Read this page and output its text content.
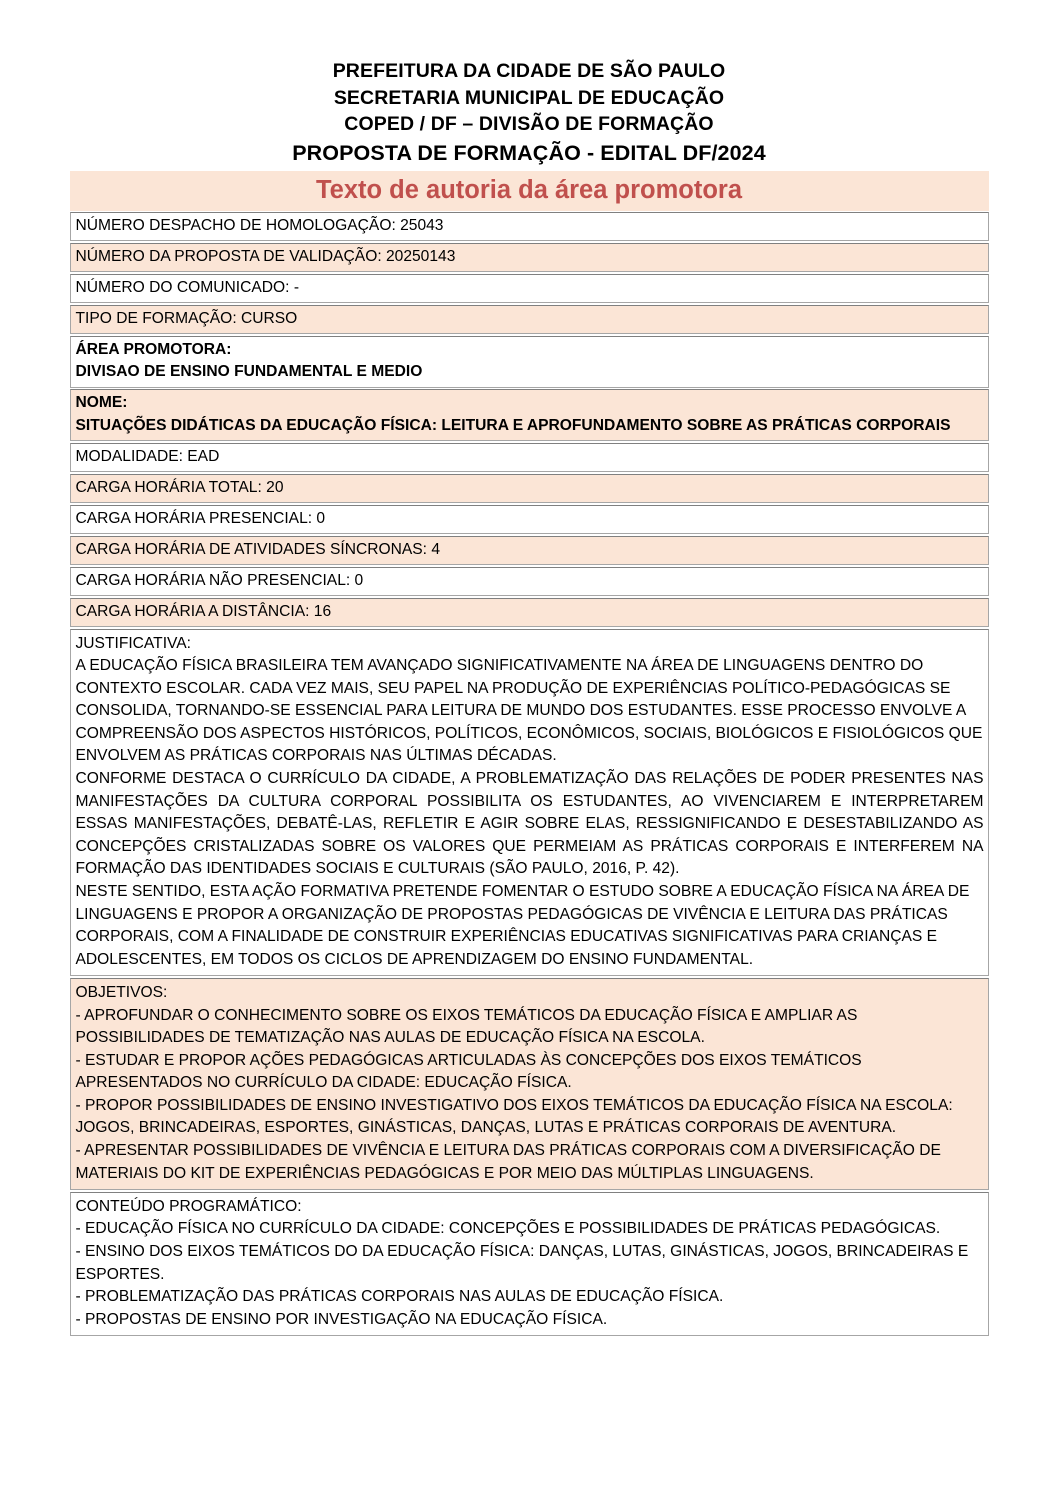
PREFEITURA DA CIDADE DE SÃO PAULO
SECRETARIA MUNICIPAL DE EDUCAÇÃO
COPED / DF – DIVISÃO DE FORMAÇÃO
PROPOSTA DE FORMAÇÃO - EDITAL DF/2024
Texto de autoria da área promotora
NÚMERO DESPACHO DE HOMOLOGAÇÃO: 25043
NÚMERO DA PROPOSTA DE VALIDAÇÃO: 20250143
NÚMERO DO COMUNICADO: -
TIPO DE FORMAÇÃO: CURSO
ÁREA PROMOTORA:
DIVISAO DE ENSINO FUNDAMENTAL E MEDIO
NOME:
SITUAÇÕES DIDÁTICAS DA EDUCAÇÃO FÍSICA: LEITURA E APROFUNDAMENTO SOBRE AS PRÁTICAS CORPORAIS
MODALIDADE: EAD
CARGA HORÁRIA TOTAL: 20
CARGA HORÁRIA PRESENCIAL: 0
CARGA HORÁRIA DE ATIVIDADES SÍNCRONAS: 4
CARGA HORÁRIA NÃO PRESENCIAL: 0
CARGA HORÁRIA A DISTÂNCIA: 16
JUSTIFICATIVA:
A EDUCAÇÃO FÍSICA BRASILEIRA TEM AVANÇADO SIGNIFICATIVAMENTE NA ÁREA DE LINGUAGENS DENTRO DO CONTEXTO ESCOLAR. CADA VEZ MAIS, SEU PAPEL NA PRODUÇÃO DE EXPERIÊNCIAS POLÍTICO-PEDAGÓGICAS SE CONSOLIDA, TORNANDO-SE ESSENCIAL PARA LEITURA DE MUNDO DOS ESTUDANTES. ESSE PROCESSO ENVOLVE A COMPREENSÃO DOS ASPECTOS HISTÓRICOS, POLÍTICOS, ECONÔMICOS, SOCIAIS, BIOLÓGICOS E FISIOLÓGICOS QUE ENVOLVEM AS PRÁTICAS CORPORAIS NAS ÚLTIMAS DÉCADAS.
CONFORME DESTACA O CURRÍCULO DA CIDADE, A PROBLEMATIZAÇÃO DAS RELAÇÕES DE PODER PRESENTES NAS MANIFESTAÇÕES DA CULTURA CORPORAL POSSIBILITA OS ESTUDANTES, AO VIVENCIAREM E INTERPRETAREM ESSAS MANIFESTAÇÕES, DEBATÊ-LAS, REFLETIR E AGIR SOBRE ELAS, RESSIGNIFICANDO E DESESTABILIZANDO AS CONCEPÇÕES CRISTALIZADAS SOBRE OS VALORES QUE PERMEIAM AS PRÁTICAS CORPORAIS E INTERFEREM NA FORMAÇÃO DAS IDENTIDADES SOCIAIS E CULTURAIS (SÃO PAULO, 2016, P. 42).
NESTE SENTIDO, ESTA AÇÃO FORMATIVA PRETENDE FOMENTAR O ESTUDO SOBRE A EDUCAÇÃO FÍSICA NA ÁREA DE LINGUAGENS E PROPOR A ORGANIZAÇÃO DE PROPOSTAS PEDAGÓGICAS DE VIVÊNCIA E LEITURA DAS PRÁTICAS CORPORAIS, COM A FINALIDADE DE CONSTRUIR EXPERIÊNCIAS EDUCATIVAS SIGNIFICATIVAS PARA CRIANÇAS E ADOLESCENTES, EM TODOS OS CICLOS DE APRENDIZAGEM DO ENSINO FUNDAMENTAL.
OBJETIVOS:
- APROFUNDAR O CONHECIMENTO SOBRE OS EIXOS TEMÁTICOS DA EDUCAÇÃO FÍSICA E AMPLIAR AS POSSIBILIDADES DE TEMATIZAÇÃO NAS AULAS DE EDUCAÇÃO FÍSICA NA ESCOLA.
- ESTUDAR E PROPOR AÇÕES PEDAGÓGICAS ARTICULADAS ÀS CONCEPÇÕES DOS EIXOS TEMÁTICOS APRESENTADOS NO CURRÍCULO DA CIDADE: EDUCAÇÃO FÍSICA.
- PROPOR POSSIBILIDADES DE ENSINO INVESTIGATIVO DOS EIXOS TEMÁTICOS DA EDUCAÇÃO FÍSICA NA ESCOLA: JOGOS, BRINCADEIRAS, ESPORTES, GINÁSTICAS, DANÇAS, LUTAS E PRÁTICAS CORPORAIS DE AVENTURA.
- APRESENTAR POSSIBILIDADES DE VIVÊNCIA E LEITURA DAS PRÁTICAS CORPORAIS COM A DIVERSIFICAÇÃO DE MATERIAIS DO KIT DE EXPERIÊNCIAS PEDAGÓGICAS E POR MEIO DAS MÚLTIPLAS LINGUAGENS.
CONTEÚDO PROGRAMÁTICO:
- EDUCAÇÃO FÍSICA NO CURRÍCULO DA CIDADE: CONCEPÇÕES E POSSIBILIDADES DE PRÁTICAS PEDAGÓGICAS.
- ENSINO DOS EIXOS TEMÁTICOS DO DA EDUCAÇÃO FÍSICA: DANÇAS, LUTAS, GINÁSTICAS, JOGOS, BRINCADEIRAS E ESPORTES.
- PROBLEMATIZAÇÃO DAS PRÁTICAS CORPORAIS NAS AULAS DE EDUCAÇÃO FÍSICA.
- PROPOSTAS DE ENSINO POR INVESTIGAÇÃO NA EDUCAÇÃO FÍSICA.
